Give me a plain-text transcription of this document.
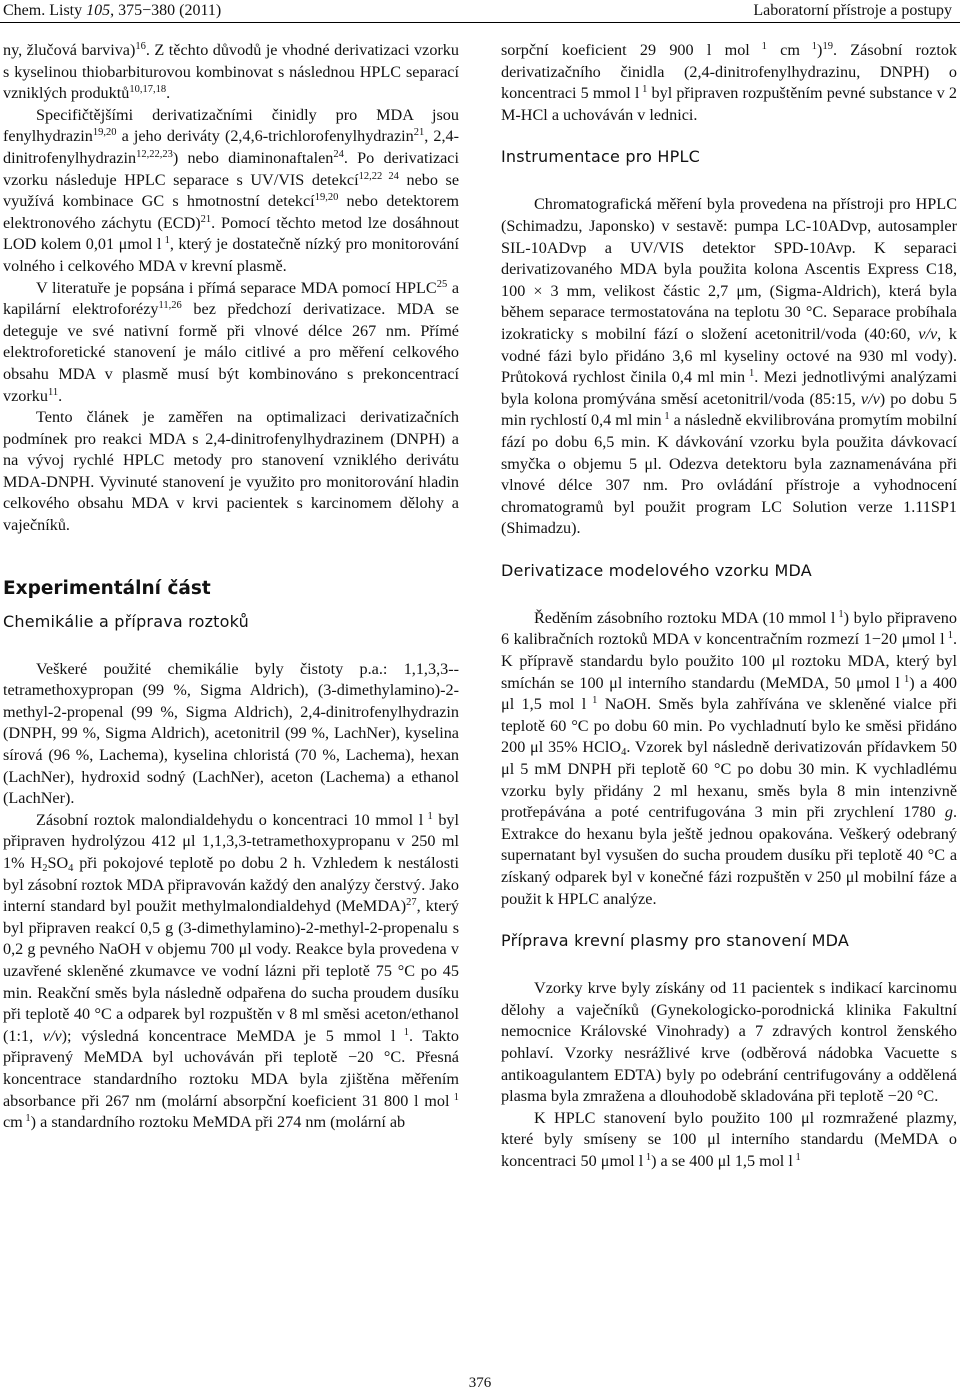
Chem. Listy 105, 375−380 (2011)	Laboratorní přístroje a postupy

ny, žlučová barviva)$^{16}$. Z těchto důvodů je vhodné derivatizaci vzorku s kyselinou thiobarbiturovou kombinovat s následnou HPLC separací vzniklých produktů$^{10,17,18}$.

Specifičtějšími derivatizačními činidly pro MDA jsou fenylhydrazin$^{19,20}$ a jeho deriváty (2,4,6-trichlorofenylhydrazin$^{21}$, 2,4-dinitrofenylhydrazin$^{12,22,23}$) nebo diaminonaftalen$^{24}$. Po derivatizaci vzorku následuje HPLC separace s UV/VIS detekcí$^{12,22 24}$ nebo se využívá kombinace GC s hmotnostní detekcí$^{19,20}$ nebo detektorem elektronového záchytu (ECD)$^{21}$. Pomocí těchto metod lze dosáhnout LOD kolem 0,01 μmol l $^1$, který je dostatečně nízký pro monitorování volného i celkového MDA v krevní plasmě.

V literatuře je popsána i přímá separace MDA pomocí HPLC$^{25}$ a kapilární elektroforézy$^{11,26}$ bez předchozí derivatizace. MDA se deteguje ve své nativní formě při vlnové délce 267 nm. Přímé elektroforetické stanovení je málo citlivé a pro měření celkového obsahu MDA v plasmě musí být kombinováno s prekoncentrací vzorku$^{11}$.

Tento článek je zaměřen na optimalizaci derivatizačních podmínek pro reakci MDA s 2,4-dinitrofenylhydrazinem (DNPH) a na vývoj rychlé HPLC metody pro stanovení vzniklého derivátu MDA-DNPH. Vyvinuté stanovení je využito pro monitorování hladin celkového obsahu MDA v krvi pacientek s karcinomem dělohy a vaječníků.

Experimentální část
Chemikálie a příprava roztoků

Veškeré použité chemikálie byly čistoty p.a.: 1,1,3,3-tetramethoxypropan (99 %, Sigma Aldrich), (3-dimethylamino)-2-methyl-2-propenal (99 %, Sigma Aldrich), 2,4-dinitrofenylhydrazin (DNPH, 99 %, Sigma Aldrich), acetonitril (99 %, LachNer), kyselina sírová (96 %, Lachema), kyselina chloristá (70 %, Lachema), hexan (LachNer), hydroxid sodný (LachNer), aceton (Lachema) a ethanol (LachNer).

Zásobní roztok malondialdehydu o koncentraci 10 mmol l $^1$ byl připraven hydrolýzou 412 μl 1,1,3,3-tetramethoxypropanu v 250 ml 1% $H_2SO_4$ při pokojové teplotě po dobu 2 h. Vzhledem k nestálosti byl zásobní roztok MDA připravován každý den analýzy čerstvý. Jako interní standard byl použit methylmalondialdehyd (MeMDA)$^{27}$, který byl připraven reakcí 0,5 g (3-dimethylamino)-2-methyl-2-propenalu s 0,2 g pevného NaOH v objemu 700 μl vody. Reakce byla provedena v uzavřené skleněné zkumavce ve vodní lázni při teplotě 75 °C po 45 min. Reakční směs byla následně odpařena do sucha proudem dusíku při teplotě 40 °C a odparek byl rozpuštěn v 8 ml směsi aceton/ethanol (1:1, v/v); výsledná koncentrace MeMDA je 5 mmol l $^1$. Takto připravený MeMDA byl uchováván při teplotě −20 °C. Přesná koncentrace standardního roztoku MDA byla zjištěna měřením absorbance při 267 nm (molární absorpční koeficient 31 800 l mol $^1$ cm $^1$) a standardního roztoku MeMDA při 274 nm (molární ab

sorpční koeficient 29 900 l mol $^1$ cm $^1$)$^{19}$. Zásobní roztok derivatizačního činidla (2,4-dinitrofenylhydrazinu, DNPH) o koncentraci 5 mmol l $^1$ byl připraven rozpuštěním pevné substance v 2 M-HCl a uchováván v lednici.

Instrumentace pro HPLC

Chromatografická měření byla provedena na přístroji pro HPLC (Schimadzu, Japonsko) v sestavě: pumpa LC-10ADvp, autosampler SIL-10ADvp a UV/VIS detektor SPD-10Avp. K separaci derivatizovaného MDA byla použita kolona Ascentis Express C18, 100 × 3 mm, velikost částic 2,7 μm, (Sigma-Aldrich), která byla během separace termostatována na teplotu 30 °C. Separace probíhala izokraticky s mobilní fází o složení acetonitril/voda (40:60, v/v, k vodné fázi bylo přidáno 3,6 ml kyseliny octové na 930 ml vody). Průtoková rychlost činila 0,4 ml min $^1$. Mezi jednotlivými analýzami byla kolona promývána směsí acetonitril/voda (85:15, v/v) po dobu 5 min rychlostí 0,4 ml min $^1$ a následně ekvilibrována promytím mobilní fází po dobu 6,5 min. K dávkování vzorku byla použita dávkovací smyčka o objemu 5 μl. Odezva detektoru byla zaznamenávána při vlnové délce 307 nm. Pro ovládání přístroje a vyhodnocení chromatogramů byl použit program LC Solution verze 1.11SP1 (Shimadzu).

Derivatizace modelového vzorku MDA

Ředěním zásobního roztoku MDA (10 mmol l $^1$) bylo připraveno 6 kalibračních roztoků MDA v koncentračním rozmezí 1−20 μmol l $^1$. K přípravě standardu bylo použito 100 μl roztoku MDA, který byl smíchán se 100 μl interního standardu (MeMDA, 50 μmol l $^1$) a 400 μl 1,5 mol l $^1$ NaOH. Směs byla zahřívána ve skleněné vialce při teplotě 60 °C po dobu 60 min. Po vychladnutí bylo ke směsi přidáno 200 μl 35% HClO$_4$. Vzorek byl následně derivatizován přídavkem 50 μl 5 mM DNPH při teplotě 60 °C po dobu 30 min. K vychladlému vzorku byly přidány 2 ml hexanu, směs byla 8 min intenzivně protřepávána a poté centrifugována 3 min při zrychlení 1780 g. Extrakce do hexanu byla ještě jednou opakována. Veškerý odebraný supernatant byl vysušen do sucha proudem dusíku při teplotě 40 °C a získaný odparek byl v konečné fázi rozpuštěn v 250 μl mobilní fáze a použit k HPLC analýze.

Příprava krevní plasmy pro stanovení MDA

Vzorky krve byly získány od 11 pacientek s indikací karcinomu dělohy a vaječníků (Gynekologicko-porodnická klinika Fakultní nemocnice Královské Vinohrady) a 7 zdravých kontrol ženského pohlaví. Vzorky nesrážlivé krve (odběrová nádobka Vacuette s antikoagulantem EDTA) byly po odebrání centrifugovány a oddělená plasma byla zmražena a dlouhodobě skladována při teplotě −20 °C.

K HPLC stanovení bylo použito 100 μl rozmražené plazmy, které byly smíseny se 100 μl interního standardu (MeMDA o koncentraci 50 μmol l $^1$) a se 400 μl 1,5 mol l $^1$

376
